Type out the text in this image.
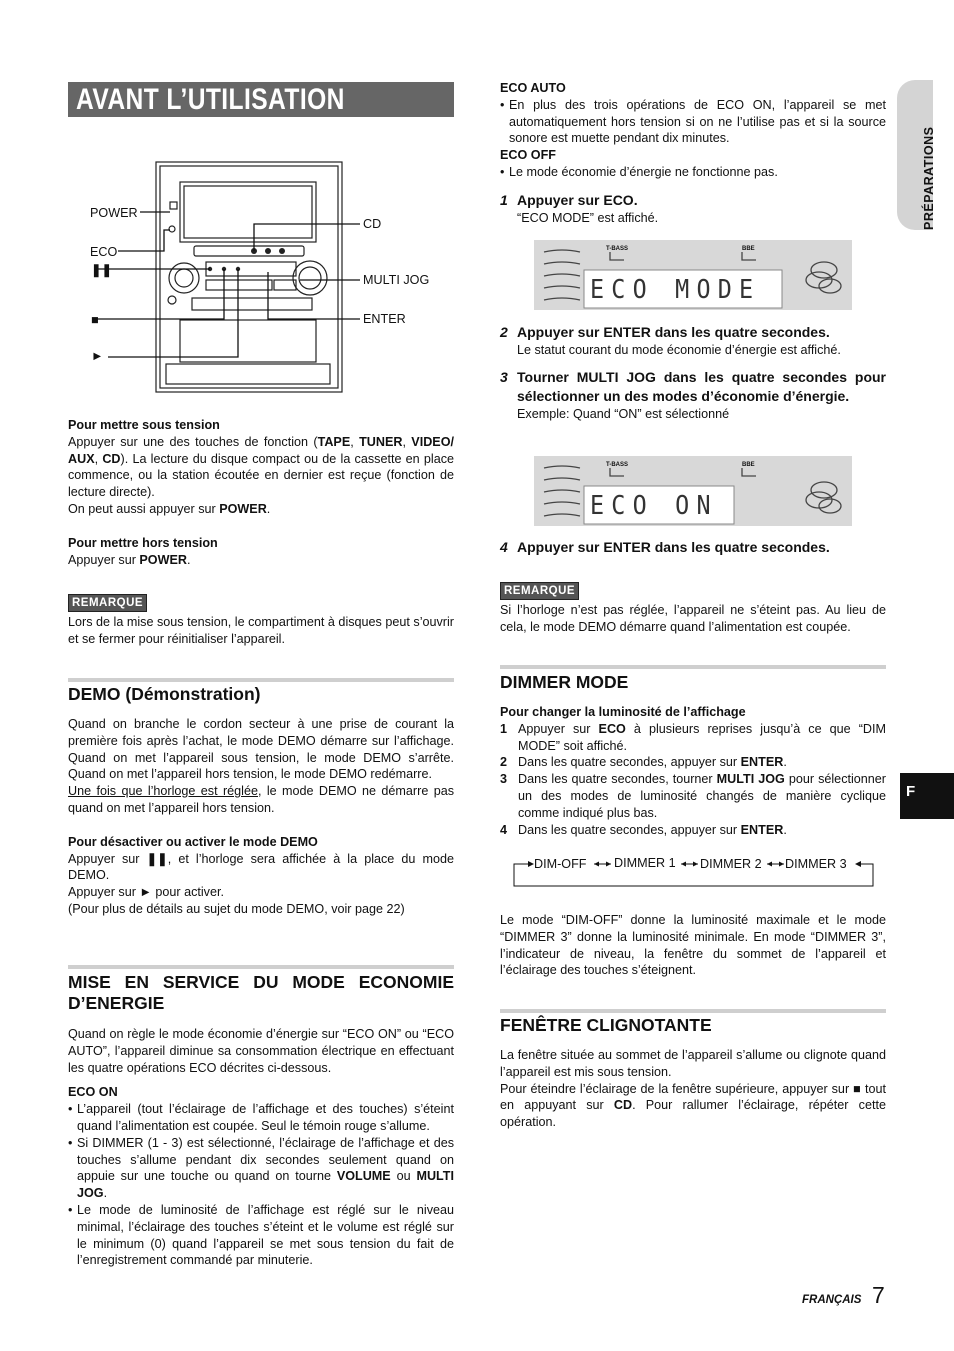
AVANT L’UTILISATION
POWER
ECO
❚❚
■
►
CD
MULTI JOG
ENTER

Pour mettre sous tension

Appuyer sur une des touches de fonction (TAPE, TUNER, VIDEO/ AUX, CD). La lecture du disque compact ou de la cassette en place commence, ou la station écoutée en dernier est reçue (fonction de lecture directe).

On peut aussi appuyer sur POWER.

Pour mettre hors tension

Appuyer sur POWER.

REMARQUE
Lors de la mise sous tension, le compartiment à disques peut s’ouvrir et se fermer pour réinitialiser l’appareil.
DEMO (Démonstration)

Quand on branche le cordon secteur à une prise de courant la première fois après l’achat, le mode DEMO démarre sur l’affichage. Quand on met l’appareil sous tension, le mode DEMO s’arrête. Quand on met l’appareil hors tension, le mode DEMO redémarre.

Une fois que l’horloge est réglée, le mode DEMO ne démarre pas quand on met l’appareil hors tension.

Pour désactiver ou activer le mode DEMO

Appuyer sur ❚❚, et l’horloge sera affichée à la place du mode DEMO.

Appuyer sur ► pour activer.

(Pour plus de détails au sujet du mode DEMO, voir page 22)

MISE EN SERVICE DU MODE ECONOMIE D’ENERGIE

Quand on règle le mode économie d’énergie sur “ECO ON” ou “ECO AUTO”, l’appareil diminue sa consommation électrique en effectuant les quatre opérations ECO décrites ci-dessous.

ECO ON

• L’appareil (tout l’éclairage de l’affichage et des touches) s’éteint quand l’alimentation est coupée. Seul le témoin rouge s’allume.
• Si DIMMER (1 - 3) est sélectionné, l’éclairage de l’affichage et des touches s’allume pendant dix secondes seulement quand on appuie sur une touche ou quand on tourne VOLUME ou MULTI JOG.
• Le mode de luminosité de l’affichage est réglé sur le niveau minimal, l’éclairage des touches s’éteint et le volume est réglé sur le minimum (0) quand l’appareil se met sous tension du fait de l’enregistrement commandé par minuterie.

ECO AUTO

• En plus des trois opérations de ECO ON, l’appareil se met automatiquement hors tension si on ne l’utilise pas et si la source sonore est muette pendant dix minutes.

ECO OFF

• Le mode économie d’énergie ne fonctionne pas.

1 Appuyer sur ECO.

“ECO MODE” est affiché.

T-BASS	BBE
ECO MODE

2 Appuyer sur ENTER dans les quatre secondes.

Le statut courant du mode économie d’énergie est affiché.

3 Tourner MULTI JOG dans les quatre secondes pour sélectionner un des modes d’économie d’énergie.

Exemple: Quand “ON” est sélectionné

T-BASS	BBE
ECO ON

4 Appuyer sur ENTER dans les quatre secondes.

REMARQUE
Si l’horloge n’est pas réglée, l’appareil ne s’éteint pas. Au lieu de cela, le mode DEMO démarre quand l’alimentation est coupée.
DIMMER MODE

Pour changer la luminosité de l’affichage

1 Appuyer sur ECO à plusieurs reprises jusqu’à ce que “DIM MODE” soit affiché.
2 Dans les quatre secondes, appuyer sur ENTER.
3 Dans les quatre secondes, tourner MULTI JOG pour sélectionner un des modes de luminosité changés de manière cyclique comme indiqué plus bas.
4 Dans les quatre secondes, appuyer sur ENTER.
DIM-OFF DIMMER 1 DIMMER 2 DIMMER 3
Le mode “DIM-OFF” donne la luminosité maximale et le mode “DIMMER 3” donne la luminosité minimale. En mode “DIMMER 3”, l’indicateur de niveau, la fenêtre du sommet de l’appareil et l’éclairage des touches s’éteignent.
FENÊTRE CLIGNOTANTE

La fenêtre située au sommet de l’appareil s’allume ou clignote quand l’appareil est mis sous tension.

Pour éteindre l’éclairage de la fenêtre supérieure, appuyer sur ■ tout en appuyant sur CD. Pour rallumer l’éclairage, répéter cette opération.

PRÉPARATIONS
F
FRANÇAIS 7
